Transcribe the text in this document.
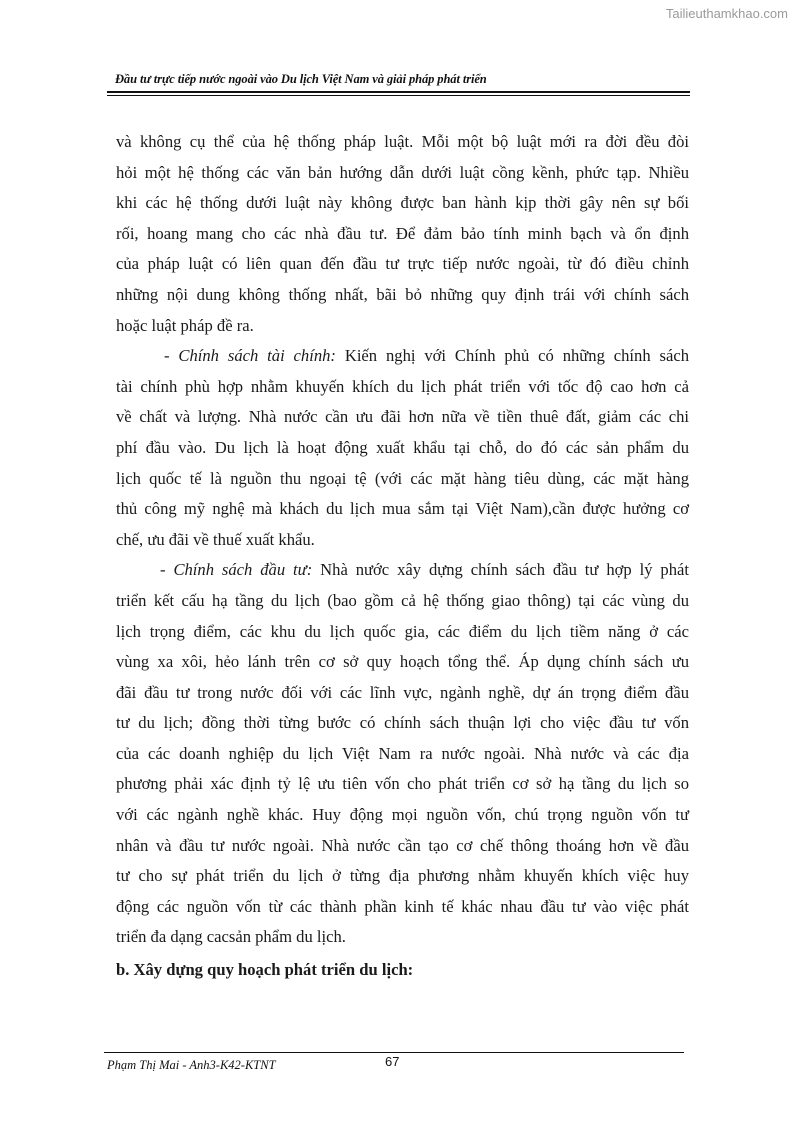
Tailieuthamkhao.com
Đầu tư trực tiếp nước ngoài vào Du lịch Việt Nam và giải pháp phát triển
và không cụ thể của hệ thống pháp luật. Mỗi một bộ luật mới ra đời đều đòi
hỏi một hệ thống các văn bản hướng dẫn dưới luật cồng kềnh, phức tạp. Nhiều
khi các hệ thống dưới luật này không được ban hành kịp thời gây nên sự bối
rối, hoang mang cho các nhà đầu tư. Để đảm bảo tính minh bạch và ổn định
của pháp luật có liên quan đến đầu tư trực tiếp nước ngoài, từ đó điều chỉnh
những nội dung không thống nhất, bãi bỏ những quy định trái với chính sách
hoặc luật pháp đề ra.
- Chính sách tài chính: Kiến nghị với Chính phủ có những chính sách
tài chính phù hợp nhằm khuyến khích du lịch phát triển với tốc độ cao hơn cả
về chất và lượng. Nhà nước cần ưu đãi hơn nữa về tiền thuê đất, giảm các chi
phí đầu vào. Du lịch là hoạt động xuất khẩu tại chỗ, do đó các sản phẩm du
lịch quốc tế là nguồn thu ngoại tệ (với các mặt hàng tiêu dùng, các mặt hàng
thủ công mỹ nghệ mà khách du lịch mua sắm tại Việt Nam),cần được hưởng cơ
chế, ưu đãi về thuế xuất khẩu.
- Chính sách đầu tư: Nhà nước xây dựng chính sách đầu tư hợp lý phát
triển kết cấu hạ tầng du lịch (bao gồm cả hệ thống giao thông) tại các vùng du
lịch trọng điểm, các khu du lịch quốc gia, các điểm du lịch tiềm năng ở các
vùng xa xôi, hẻo lánh trên cơ sở quy hoạch tổng thể. Áp dụng chính sách ưu
đãi đầu tư trong nước đối với các lĩnh vực, ngành nghề, dự án trọng điểm đầu
tư du lịch; đồng thời từng bước có chính sách thuận lợi cho việc đầu tư vốn
của các doanh nghiệp du lịch Việt Nam ra nước ngoài. Nhà nước và các địa
phương phải xác định tỷ lệ ưu tiên vốn cho phát triển cơ sở hạ tầng du lịch so
với các ngành nghề khác. Huy động mọi nguồn vốn, chú trọng nguồn vốn tư
nhân và đầu tư nước ngoài. Nhà nước cần tạo cơ chế thông thoáng hơn về đầu
tư cho sự phát triển du lịch ở từng địa phương nhằm khuyến khích việc huy
động các nguồn vốn từ các thành phần kinh tế khác nhau đầu tư vào việc phát
triển đa dạng cacsản phẩm du lịch.
b. Xây dựng quy hoạch phát triển du lịch:
Phạm Thị Mai - Anh3-K42-KTNT	67
